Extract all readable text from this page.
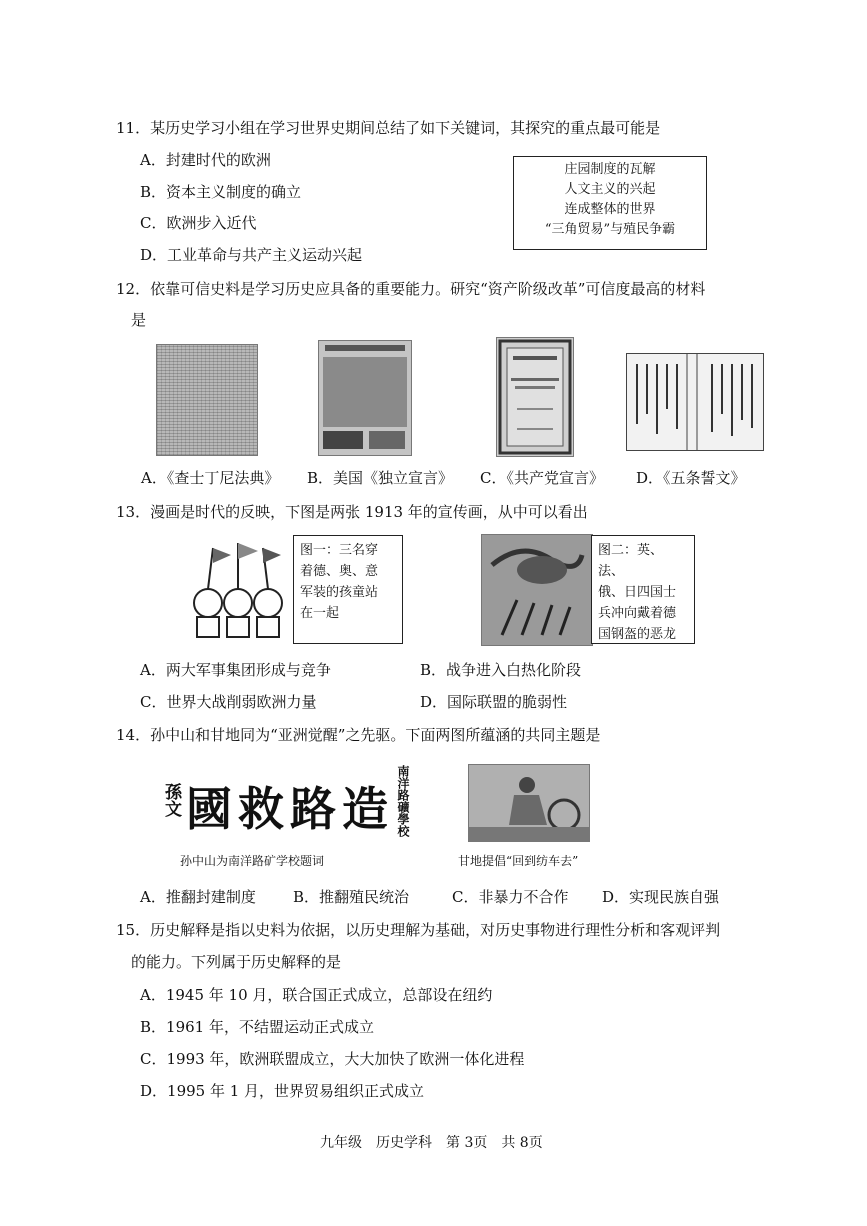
11．某历史学习小组在学习世界史期间总结了如下关键词，其探究的重点最可能是
A．封建时代的欧洲
B．资本主义制度的确立
C．欧洲步入近代
D．工业革命与共产主义运动兴起
庄园制度的瓦解
人文主义的兴起
连成整体的世界
“三角贸易”与殖民争霸
12．依靠可信史料是学习历史应具备的重要能力。研究“资产阶级改革”可信度最高的材料
是
A．《查士丁尼法典》 B．美国《独立宣言》 C．《共产党宣言》 D．《五条誓文》
13．漫画是时代的反映，下图是两张 1913 年的宣传画，从中可以看出
图一：三名穿
着德、奥、意
军装的孩童站
在一起
图二：英、法、
俄、日四国士
兵冲向戴着德
国钢盔的恶龙
A．两大军事集团形成与竞争	B．战争进入白热化阶段
C．世界大战削弱欧洲力量	D．国际联盟的脆弱性
14．孙中山和甘地同为“亚洲觉醒”之先驱。下面两图所蕴涵的共同主题是
孫文 國救路造 南洋路礦學校
孙中山为南洋路矿学校题词	甘地提倡“回到纺车去”
A．推翻封建制度 B．推翻殖民统治	C．非暴力不合作 D．实现民族自强
15．历史解释是指以史料为依据，以历史理解为基础，对历史事物进行理性分析和客观评判
的能力。下列属于历史解释的是
A．1945 年 10 月，联合国正式成立，总部设在纽约
B．1961 年，不结盟运动正式成立
C．1993 年，欧洲联盟成立，大大加快了欧洲一体化进程
D．1995 年 1 月，世界贸易组织正式成立
九年级　历史学科　第 3页　共 8页
